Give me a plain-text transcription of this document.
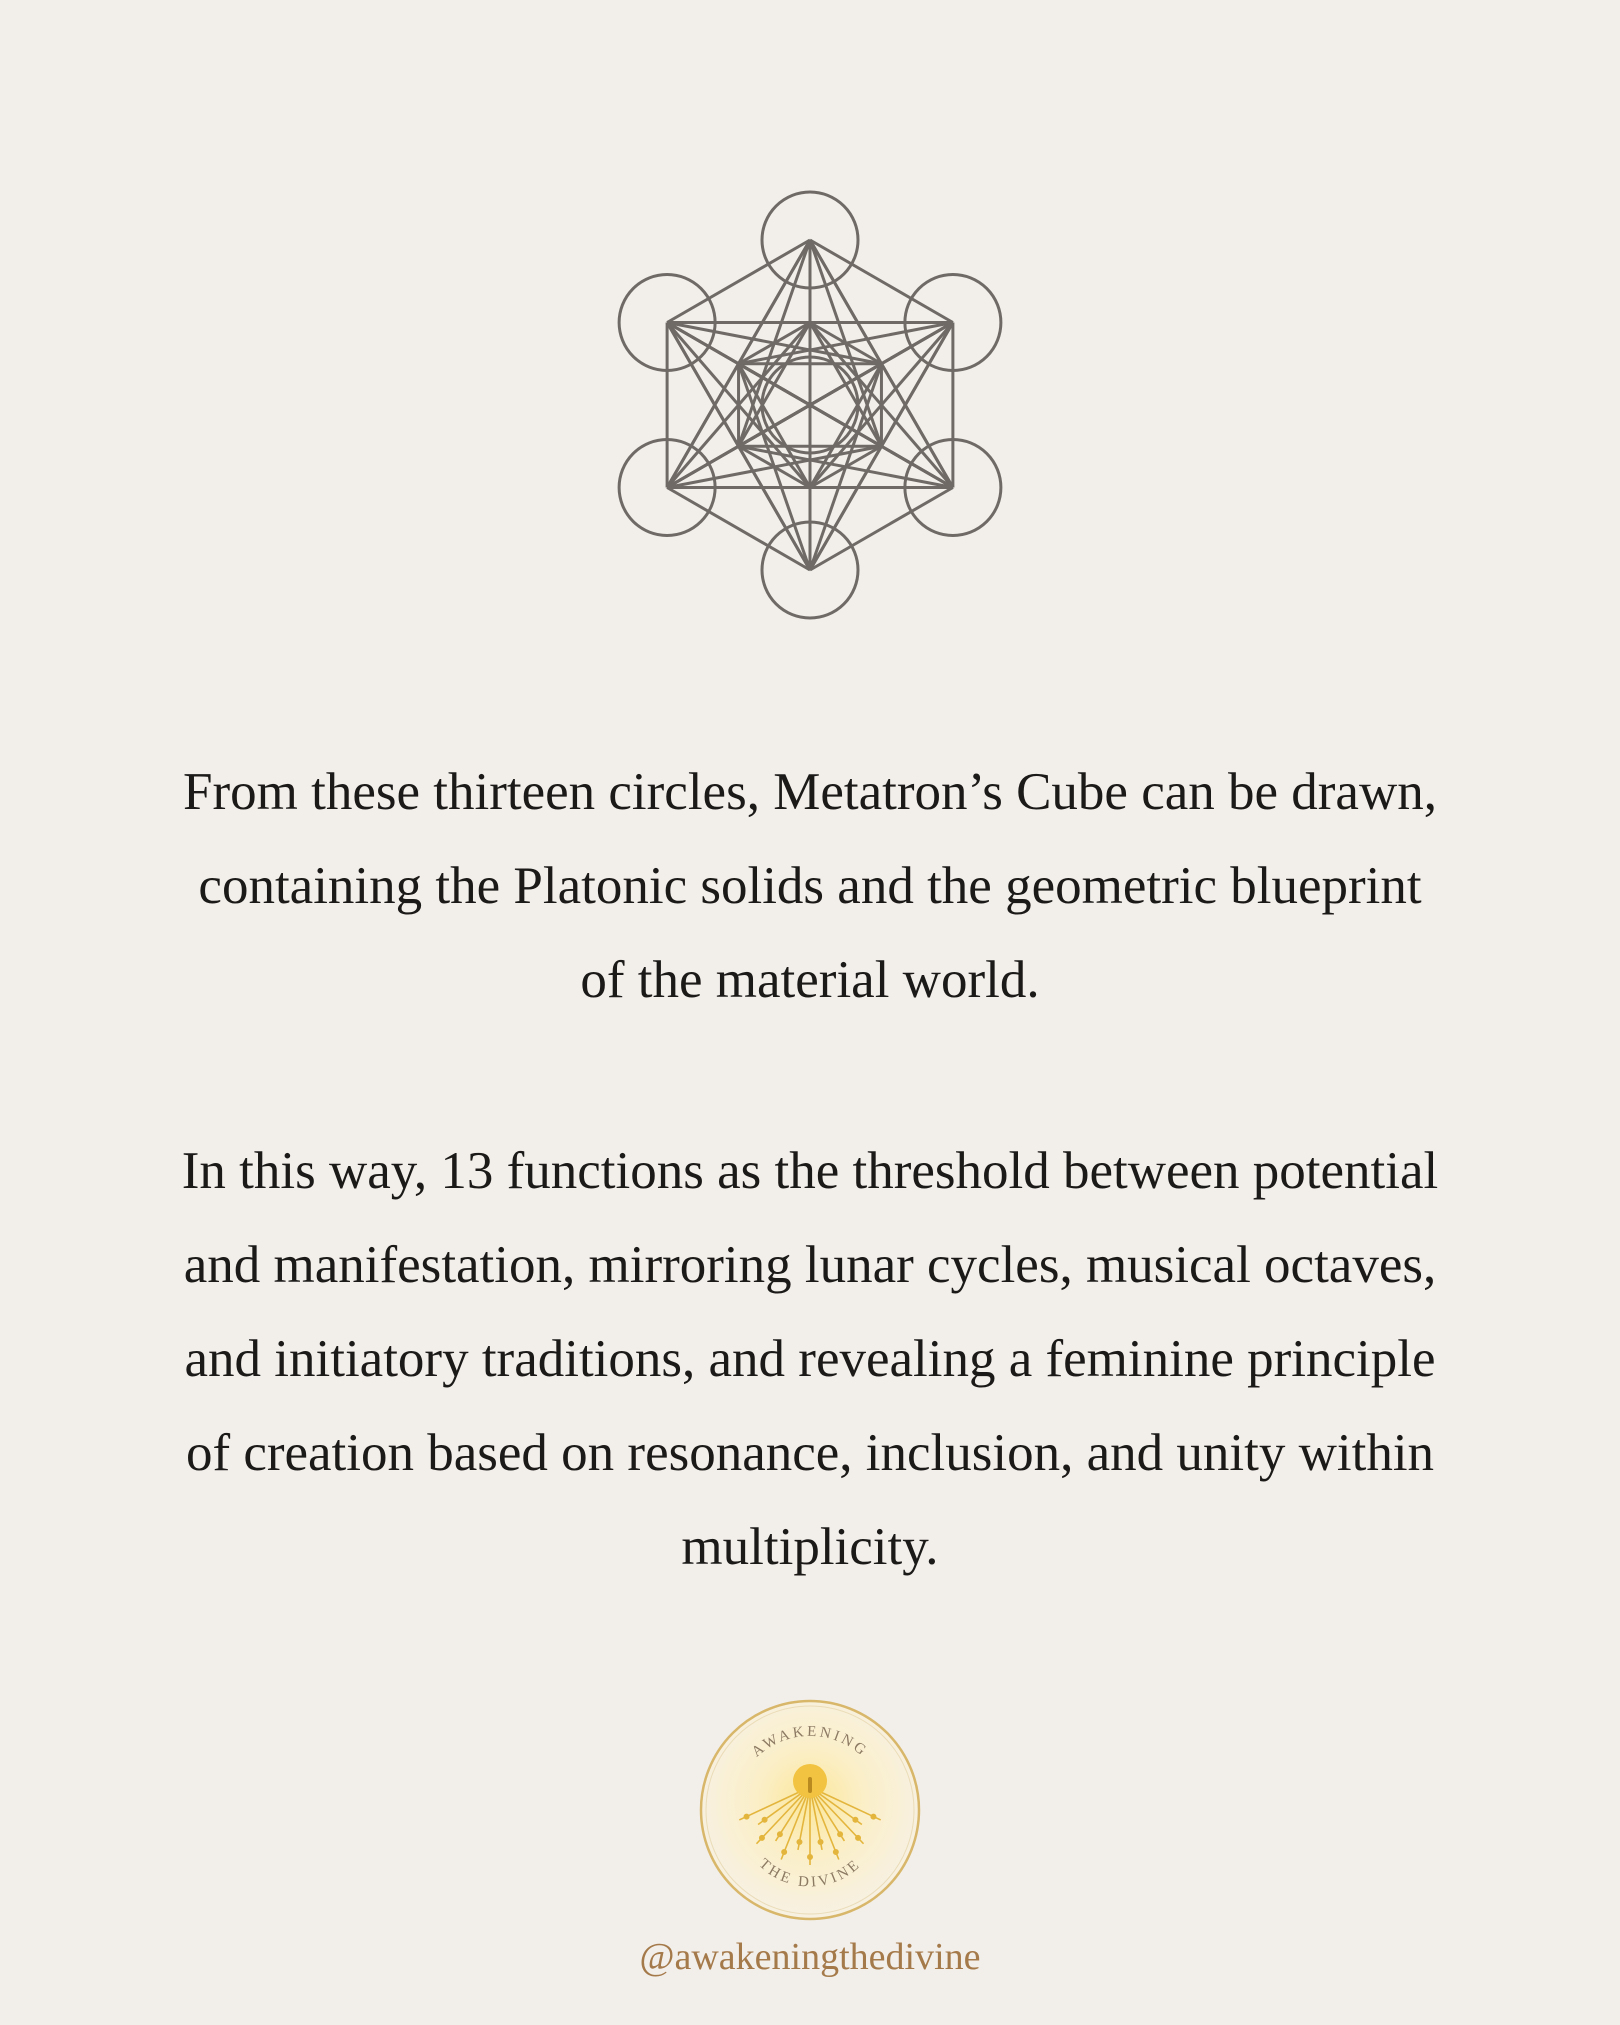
From these thirteen circles, Metatron’s Cube can be drawn,
containing the Platonic solids and the geometric blueprint
of the material world.

In this way, 13 functions as the threshold between potential
and manifestation, mirroring lunar cycles, musical octaves,
and initiatory traditions, and revealing a feminine principle
of creation based on resonance, inclusion, and unity within
multiplicity.

AWAKENING
THE DIVINE
@awakeningthedivine
